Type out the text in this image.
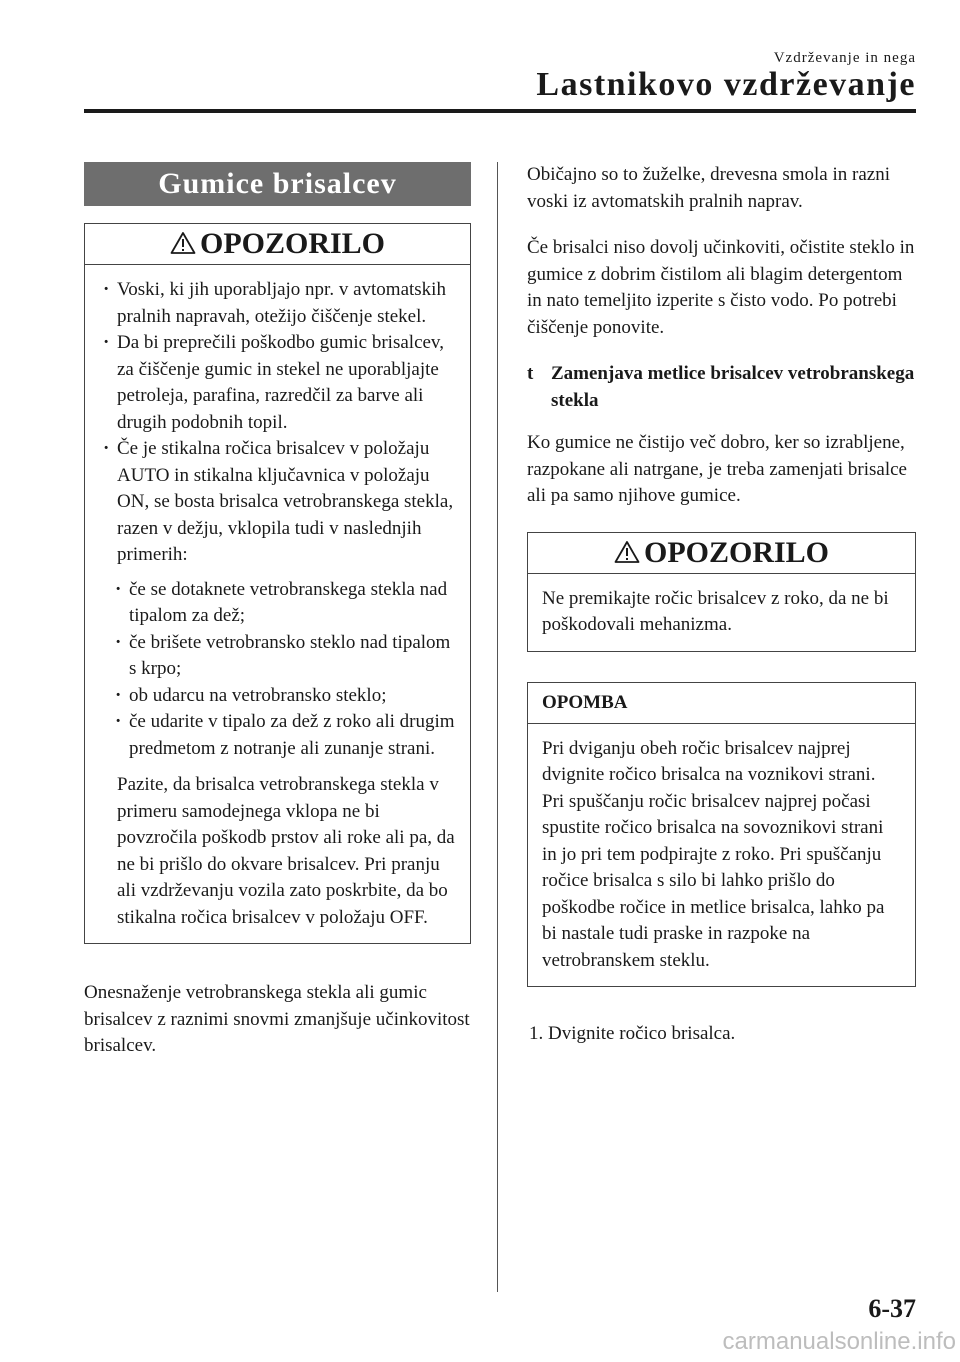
Vzdrževanje in nega
Lastnikovo vzdrževanje
Gumice brisalcev
OPOZORILO
· Voski, ki jih uporabljajo npr. v avtomatskih pralnih napravah, otežijo čiščenje stekel.
· Da bi preprečili poškodbo gumic brisalcev, za čiščenje gumic in stekel ne uporabljajte petroleja, parafina, razredčil za barve ali drugih podobnih topil.
· Če je stikalna ročica brisalcev v položaju AUTO in stikalna ključavnica v položaju ON, se bosta brisalca vetrobranskega stekla, razen v dežju, vklopila tudi v naslednjih primerih:
· če se dotaknete vetrobranskega stekla nad tipalom za dež;
· če brišete vetrobransko steklo nad tipalom s krpo;
· ob udarcu na vetrobransko steklo;
· če udarite v tipalo za dež z roko ali drugim predmetom z notranje ali zunanje strani.

Pazite, da brisalca vetrobranskega stekla v primeru samodejnega vklopa ne bi povzročila poškodb prstov ali roke ali pa, da ne bi prišlo do okvare brisalcev. Pri pranju ali vzdrževanju vozila zato poskrbite, da bo stikalna ročica brisalcev v položaju OFF.

Onesnaženje vetrobranskega stekla ali gumic brisalcev z raznimi snovmi zmanjšuje učinkovitost brisalcev.

Običajno so to žuželke, drevesna smola in razni voski iz avtomatskih pralnih naprav.

Če brisalci niso dovolj učinkoviti, očistite steklo in gumice z dobrim čistilom ali blagim detergentom in nato temeljito izperite s čisto vodo. Po potrebi čiščenje ponovite.

t Zamenjava metlice brisalcev vetrobranskega stekla

Ko gumice ne čistijo več dobro, ker so izrabljene, razpokane ali natrgane, je treba zamenjati brisalce ali pa samo njihove gumice.

OPOZORILO

Ne premikajte ročic brisalcev z roko, da ne bi poškodovali mehanizma.

OPOMBA

Pri dviganju obeh ročic brisalcev najprej dvignite ročico brisalca na voznikovi strani. Pri spuščanju ročic brisalcev najprej počasi spustite ročico brisalca na sovoznikovi strani in jo pri tem podpirajte z roko. Pri spuščanju ročice brisalca s silo bi lahko prišlo do poškodbe ročice in metlice brisalca, lahko pa bi nastale tudi praske in razpoke na vetrobranskem steklu.

1. Dvignite ročico brisalca.

6-37
carmanualsonline.info
